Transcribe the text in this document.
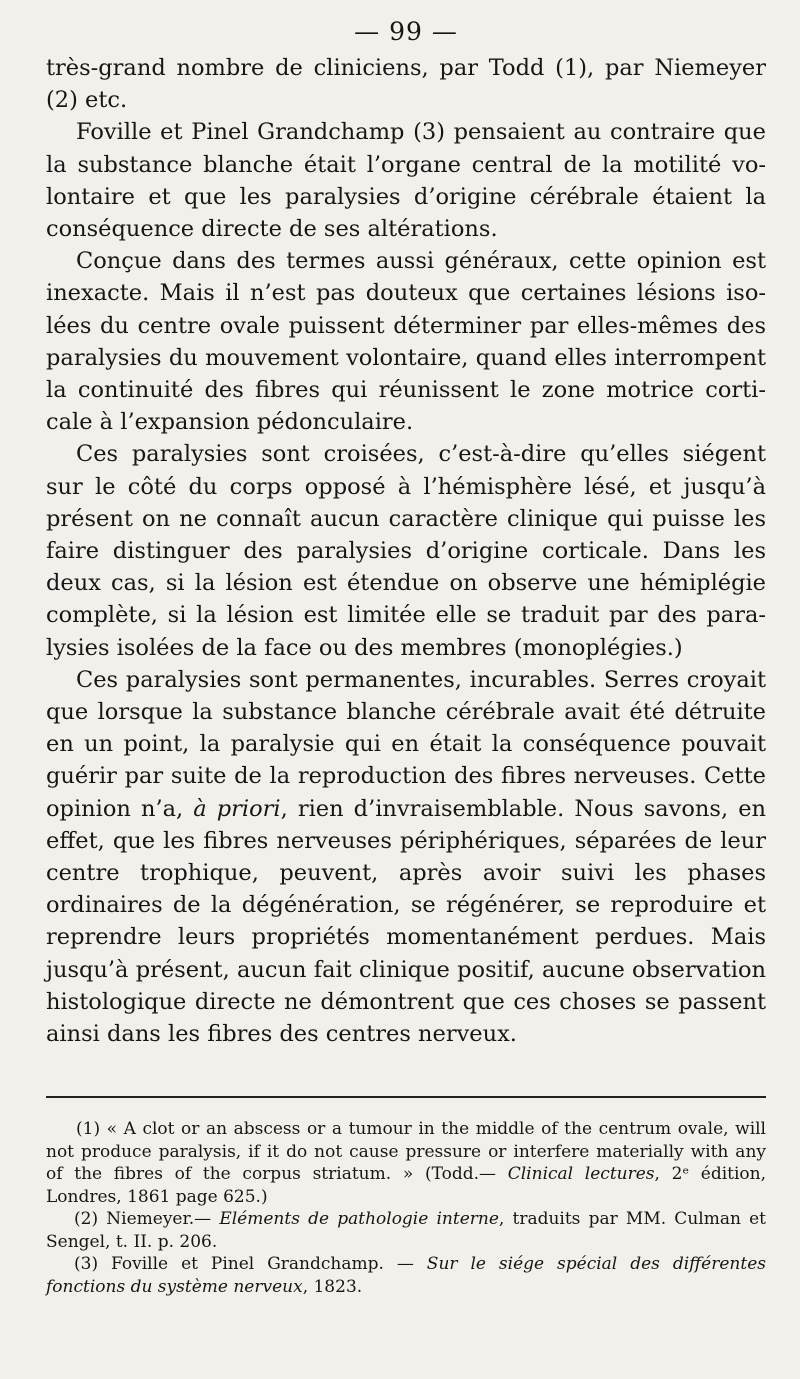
— 99 —

très-grand nombre de cliniciens, par Todd (1), par Niemeyer (2) etc.

Foville et Pinel Grandchamp (3) pensaient au contraire que la substance blanche était l’organe central de la motilité volontaire et que les paralysies d’origine cérébrale étaient la conséquence directe de ses altérations.

Conçue dans des termes aussi généraux, cette opinion est inexacte. Mais il n’est pas douteux que certaines lésions isolées du centre ovale puissent déterminer par elles-mêmes des paralysies du mouvement volontaire, quand elles interrompent la continuité des fibres qui réunissent le zone motrice corticale à l’expansion pédonculaire.

Ces paralysies sont croisées, c’est-à-dire qu’elles siégent sur le côté du corps opposé à l’hémisphère lésé, et jusqu’à présent on ne connaît aucun caractère clinique qui puisse les faire distinguer des paralysies d’origine corticale. Dans les deux cas, si la lésion est étendue on observe une hémiplégie complète, si la lésion est limitée elle se traduit par des paralysies isolées de la face ou des membres (monoplégies.)

Ces paralysies sont permanentes, incurables. Serres croyait que lorsque la substance blanche cérébrale avait été détruite en un point, la paralysie qui en était la conséquence pouvait guérir par suite de la reproduction des fibres nerveuses. Cette opinion n’a, à priori, rien d’invraisemblable. Nous savons, en effet, que les fibres nerveuses périphériques, séparées de leur centre trophique, peuvent, après avoir suivi les phases ordinaires de la dégénération, se régénérer, se reproduire et reprendre leurs propriétés momentanément perdues. Mais jusqu’à présent, aucun fait clinique positif, aucune observation histologique directe ne démontrent que ces choses se passent ainsi dans les fibres des centres nerveux.

(1) « A clot or an abscess or a tumour in the middle of the centrum ovale, will not produce paralysis, if it do not cause pressure or interfere materially with any of the fibres of the corpus striatum. » (Todd.— Clinical lectures, 2ᵉ édition, Londres, 1861 page 625.)

(2) Niemeyer.— Eléments de pathologie interne, traduits par MM. Culman et Sengel, t. II. p. 206.

(3) Foville et Pinel Grandchamp. — Sur le siége spécial des différentes fonctions du système nerveux, 1823.
